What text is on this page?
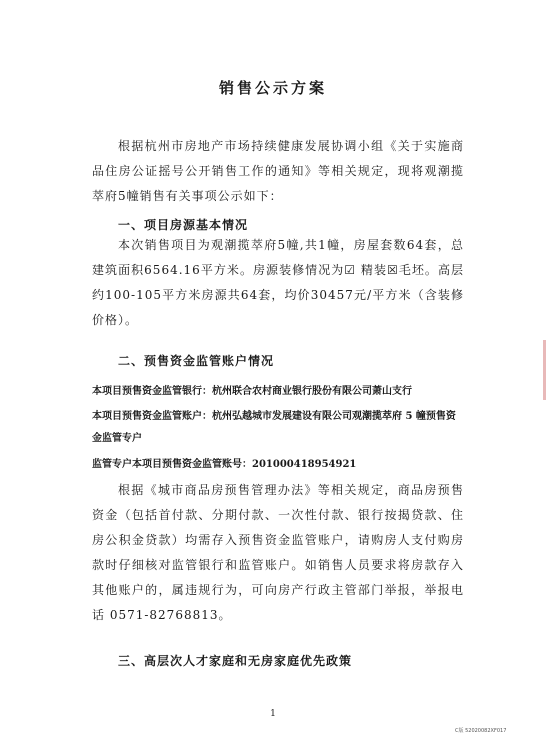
销售公示方案

根据杭州市房地产市场持续健康发展协调小组《关于实施商品住房公证摇号公开销售工作的通知》等相关规定，现将观潮揽萃府5幢销售有关事项公示如下：

一、项目房源基本情况

本次销售项目为观潮揽萃府5幢,共1幢，房屋套数64套，总建筑面积6564.16平方米。房源装修情况为☑ 精装☒毛坯。高层约100-105平方米房源共64套，均价30457元/平方米（含装修价格）。

二、预售资金监管账户情况

本项目预售资金监管银行：杭州联合农村商业银行股份有限公司萧山支行

本项目预售资金监管账户：杭州弘越城市发展建设有限公司观潮揽萃府 5 幢预售资金监管专户

监管专户本项目预售资金监管账号：201000418954921

根据《城市商品房预售管理办法》等相关规定，商品房预售资金（包括首付款、分期付款、一次性付款、银行按揭贷款、住房公积金贷款）均需存入预售资金监管账户，请购房人支付购房款时仔细核对监管银行和监管账户。如销售人员要求将房款存入其他账户的，属违规行为，可向房产行政主管部门举报，举报电话 0571-82768813。

三、高层次人才家庭和无房家庭优先政策
1
C版 52020082XF017
